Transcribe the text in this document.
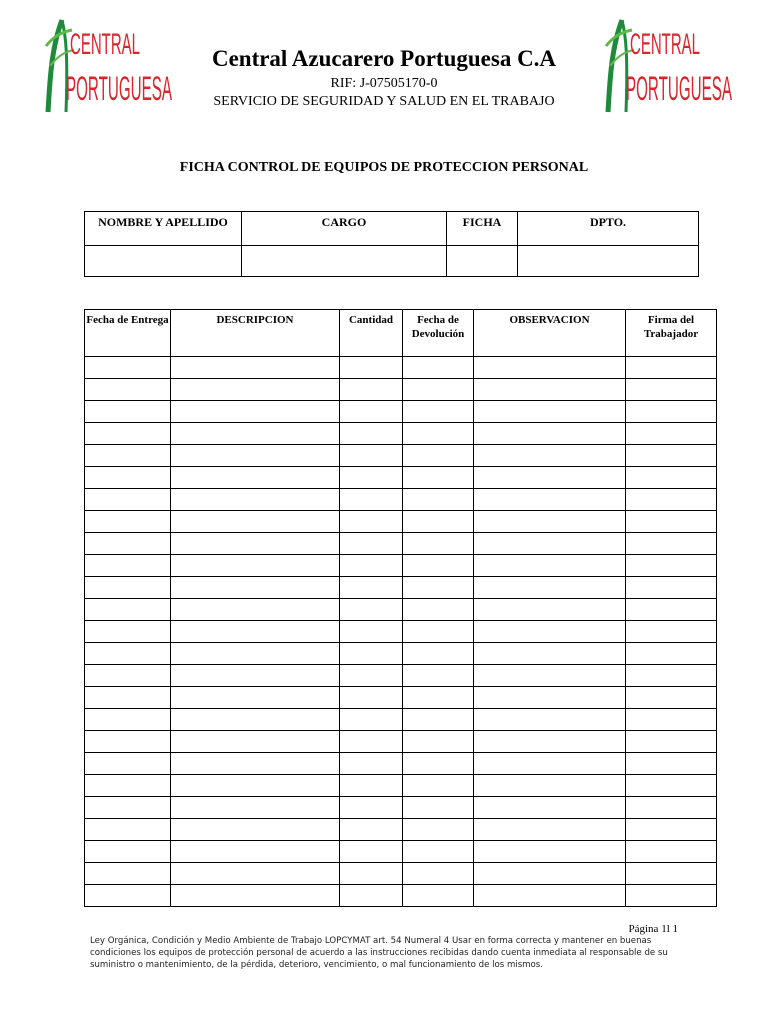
CENTRAL
PORTUGUESA
CENTRAL
PORTUGUESA
Central Azucarero Portuguesa C.A
RIF: J-07505170-0
SERVICIO DE SEGURIDAD Y SALUD EN EL TRABAJO
FICHA CONTROL DE EQUIPOS DE PROTECCION PERSONAL
NOMBRE Y APELLIDO	CARGO	FICHA	DPTO.

Fecha de Entrega	DESCRIPCION	Cantidad	Fecha de Devolución	OBSERVACION	Firma del Trabajador

Página 1l 1
Ley Orgánica, Condición y Medio Ambiente de Trabajo LOPCYMAT art. 54 Numeral 4 Usar en forma correcta y mantener en buenas condiciones los equipos de protección personal de acuerdo a las instrucciones recibidas dando cuenta inmediata al responsable de su suministro o mantenimiento, de la pérdida, deterioro, vencimiento, o mal funcionamiento de los mismos.
